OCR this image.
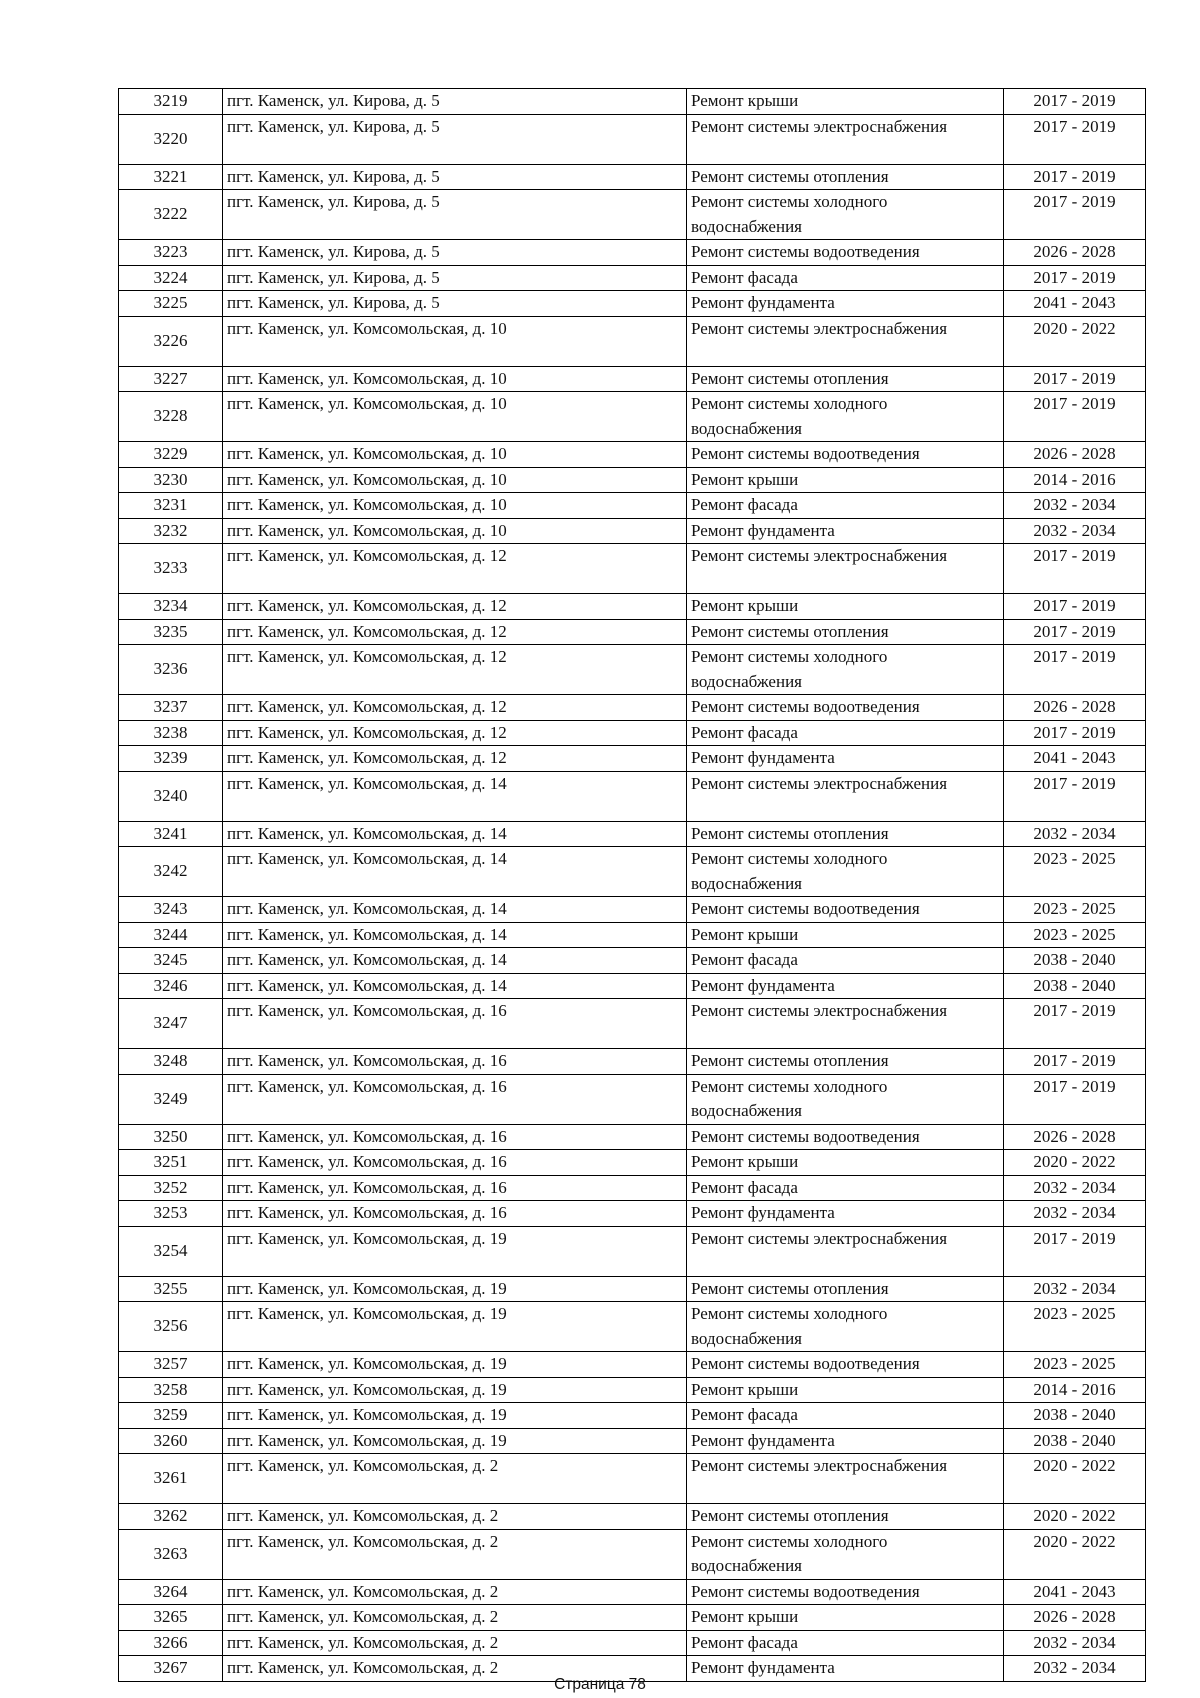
3219	пгт. Каменск, ул. Кирова, д. 5	Ремонт крыши	2017 - 2019
3220	пгт. Каменск, ул. Кирова, д. 5	Ремонт системы электроснабжения	2017 - 2019
3221	пгт. Каменск, ул. Кирова, д. 5	Ремонт системы отопления	2017 - 2019
3222	пгт. Каменск, ул. Кирова, д. 5	Ремонт системы холодного водоснабжения	2017 - 2019
3223	пгт. Каменск, ул. Кирова, д. 5	Ремонт системы водоотведения	2026 - 2028
3224	пгт. Каменск, ул. Кирова, д. 5	Ремонт фасада	2017 - 2019
3225	пгт. Каменск, ул. Кирова, д. 5	Ремонт фундамента	2041 - 2043
3226	пгт. Каменск, ул. Комсомольская, д. 10	Ремонт системы электроснабжения	2020 - 2022
3227	пгт. Каменск, ул. Комсомольская, д. 10	Ремонт системы отопления	2017 - 2019
3228	пгт. Каменск, ул. Комсомольская, д. 10	Ремонт системы холодного водоснабжения	2017 - 2019
3229	пгт. Каменск, ул. Комсомольская, д. 10	Ремонт системы водоотведения	2026 - 2028
3230	пгт. Каменск, ул. Комсомольская, д. 10	Ремонт крыши	2014 - 2016
3231	пгт. Каменск, ул. Комсомольская, д. 10	Ремонт фасада	2032 - 2034
3232	пгт. Каменск, ул. Комсомольская, д. 10	Ремонт фундамента	2032 - 2034
3233	пгт. Каменск, ул. Комсомольская, д. 12	Ремонт системы электроснабжения	2017 - 2019
3234	пгт. Каменск, ул. Комсомольская, д. 12	Ремонт крыши	2017 - 2019
3235	пгт. Каменск, ул. Комсомольская, д. 12	Ремонт системы отопления	2017 - 2019
3236	пгт. Каменск, ул. Комсомольская, д. 12	Ремонт системы холодного водоснабжения	2017 - 2019
3237	пгт. Каменск, ул. Комсомольская, д. 12	Ремонт системы водоотведения	2026 - 2028
3238	пгт. Каменск, ул. Комсомольская, д. 12	Ремонт фасада	2017 - 2019
3239	пгт. Каменск, ул. Комсомольская, д. 12	Ремонт фундамента	2041 - 2043
3240	пгт. Каменск, ул. Комсомольская, д. 14	Ремонт системы электроснабжения	2017 - 2019
3241	пгт. Каменск, ул. Комсомольская, д. 14	Ремонт системы отопления	2032 - 2034
3242	пгт. Каменск, ул. Комсомольская, д. 14	Ремонт системы холодного водоснабжения	2023 - 2025
3243	пгт. Каменск, ул. Комсомольская, д. 14	Ремонт системы водоотведения	2023 - 2025
3244	пгт. Каменск, ул. Комсомольская, д. 14	Ремонт крыши	2023 - 2025
3245	пгт. Каменск, ул. Комсомольская, д. 14	Ремонт фасада	2038 - 2040
3246	пгт. Каменск, ул. Комсомольская, д. 14	Ремонт фундамента	2038 - 2040
3247	пгт. Каменск, ул. Комсомольская, д. 16	Ремонт системы электроснабжения	2017 - 2019
3248	пгт. Каменск, ул. Комсомольская, д. 16	Ремонт системы отопления	2017 - 2019
3249	пгт. Каменск, ул. Комсомольская, д. 16	Ремонт системы холодного водоснабжения	2017 - 2019
3250	пгт. Каменск, ул. Комсомольская, д. 16	Ремонт системы водоотведения	2026 - 2028
3251	пгт. Каменск, ул. Комсомольская, д. 16	Ремонт крыши	2020 - 2022
3252	пгт. Каменск, ул. Комсомольская, д. 16	Ремонт фасада	2032 - 2034
3253	пгт. Каменск, ул. Комсомольская, д. 16	Ремонт фундамента	2032 - 2034
3254	пгт. Каменск, ул. Комсомольская, д. 19	Ремонт системы электроснабжения	2017 - 2019
3255	пгт. Каменск, ул. Комсомольская, д. 19	Ремонт системы отопления	2032 - 2034
3256	пгт. Каменск, ул. Комсомольская, д. 19	Ремонт системы холодного водоснабжения	2023 - 2025
3257	пгт. Каменск, ул. Комсомольская, д. 19	Ремонт системы водоотведения	2023 - 2025
3258	пгт. Каменск, ул. Комсомольская, д. 19	Ремонт крыши	2014 - 2016
3259	пгт. Каменск, ул. Комсомольская, д. 19	Ремонт фасада	2038 - 2040
3260	пгт. Каменск, ул. Комсомольская, д. 19	Ремонт фундамента	2038 - 2040
3261	пгт. Каменск, ул. Комсомольская, д. 2	Ремонт системы электроснабжения	2020 - 2022
3262	пгт. Каменск, ул. Комсомольская, д. 2	Ремонт системы отопления	2020 - 2022
3263	пгт. Каменск, ул. Комсомольская, д. 2	Ремонт системы холодного водоснабжения	2020 - 2022
3264	пгт. Каменск, ул. Комсомольская, д. 2	Ремонт системы водоотведения	2041 - 2043
3265	пгт. Каменск, ул. Комсомольская, д. 2	Ремонт крыши	2026 - 2028
3266	пгт. Каменск, ул. Комсомольская, д. 2	Ремонт фасада	2032 - 2034
3267	пгт. Каменск, ул. Комсомольская, д. 2	Ремонт фундамента	2032 - 2034
Страница 78
